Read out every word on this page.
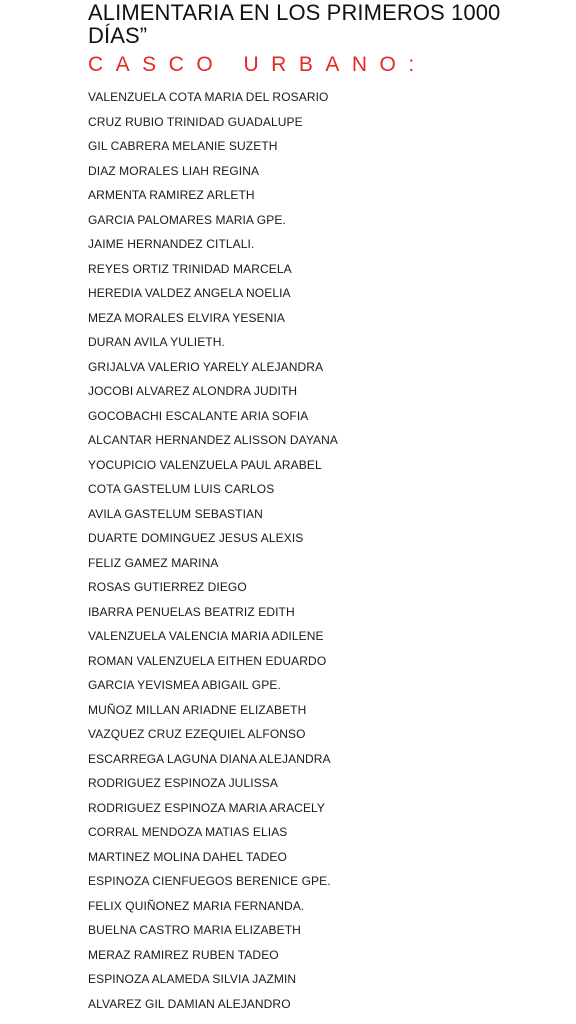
ALIMENTARIA EN LOS PRIMEROS 1000
DÍAS”
CASCO URBANO:
VALENZUELA COTA MARIA DEL ROSARIO
CRUZ RUBIO TRINIDAD GUADALUPE
GIL CABRERA MELANIE SUZETH
DIAZ MORALES LIAH REGINA
ARMENTA RAMIREZ ARLETH
GARCIA PALOMARES MARIA GPE.
JAIME HERNANDEZ CITLALI.
REYES ORTIZ TRINIDAD MARCELA
HEREDIA VALDEZ ANGELA NOELIA
MEZA MORALES ELVIRA YESENIA
DURAN AVILA YULIETH.
GRIJALVA VALERIO YARELY ALEJANDRA
JOCOBI ALVAREZ ALONDRA JUDITH
GOCOBACHI ESCALANTE ARIA SOFIA
ALCANTAR HERNANDEZ ALISSON DAYANA
YOCUPICIO VALENZUELA PAUL ARABEL
COTA GASTELUM LUIS CARLOS
AVILA GASTELUM SEBASTIAN
DUARTE DOMINGUEZ JESUS ALEXIS
FELIZ GAMEZ MARINA
ROSAS GUTIERREZ DIEGO
IBARRA PENUELAS BEATRIZ EDITH
VALENZUELA VALENCIA MARIA ADILENE
ROMAN VALENZUELA EITHEN EDUARDO
GARCIA YEVISMEA ABIGAIL GPE.
MUÑOZ MILLAN ARIADNE ELIZABETH
VAZQUEZ CRUZ EZEQUIEL ALFONSO
ESCARREGA LAGUNA DIANA ALEJANDRA
RODRIGUEZ ESPINOZA JULISSA
RODRIGUEZ ESPINOZA MARIA ARACELY
CORRAL MENDOZA MATIAS ELIAS
MARTINEZ MOLINA DAHEL TADEO
ESPINOZA CIENFUEGOS BERENICE GPE.
FELIX QUIÑONEZ MARIA FERNANDA.
BUELNA CASTRO MARIA ELIZABETH
MERAZ RAMIREZ RUBEN TADEO
ESPINOZA ALAMEDA SILVIA JAZMIN
ALVAREZ GIL DAMIAN ALEJANDRO
